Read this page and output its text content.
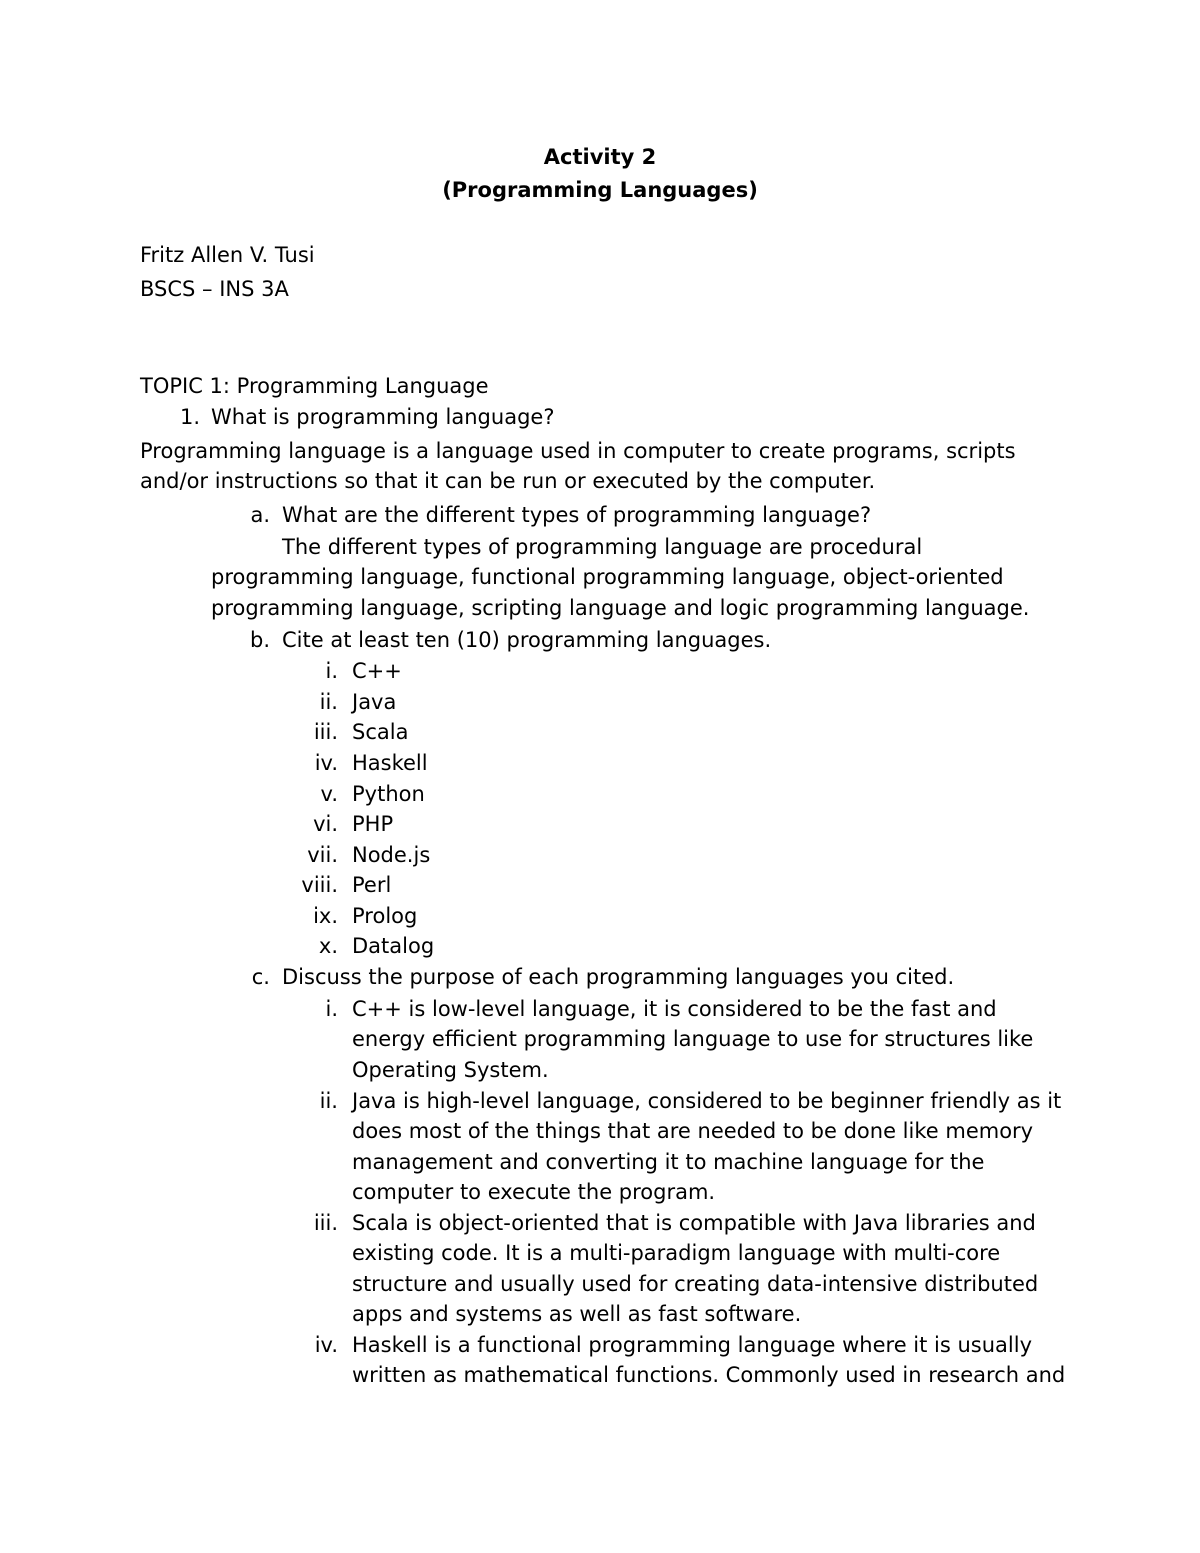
Activity 2
(Programming Languages)
Fritz Allen V. Tusi
BSCS – INS 3A
TOPIC 1: Programming Language
1. What is programming language?
Programming language is a language used in computer to create programs, scripts
and/or instructions so that it can be run or executed by the computer.
a. What are the different types of programming language?
The different types of programming language are procedural
programming language, functional programming language, object-oriented
programming language, scripting language and logic programming language.
b. Cite at least ten (10) programming languages.
i. C++
ii. Java
iii. Scala
iv. Haskell
v. Python
vi. PHP
vii. Node.js
viii. Perl
ix. Prolog
x. Datalog
c. Discuss the purpose of each programming languages you cited.
i. C++ is low-level language, it is considered to be the fast and
energy efficient programming language to use for structures like
Operating System.
ii. Java is high-level language, considered to be beginner friendly as it
does most of the things that are needed to be done like memory
management and converting it to machine language for the
computer to execute the program.
iii. Scala is object-oriented that is compatible with Java libraries and
existing code. It is a multi-paradigm language with multi-core
structure and usually used for creating data-intensive distributed
apps and systems as well as fast software.
iv. Haskell is a functional programming language where it is usually
written as mathematical functions. Commonly used in research and
